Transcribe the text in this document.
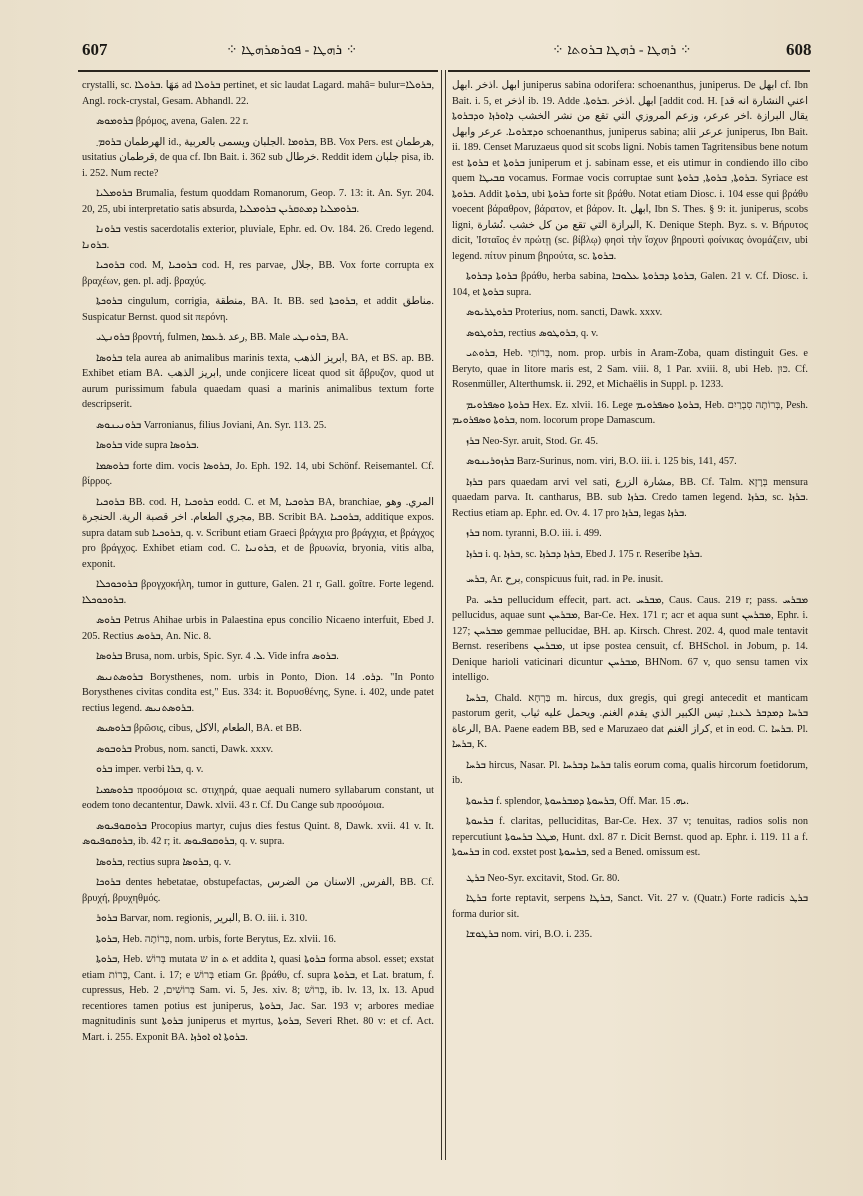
607	⁘ ܪܗܛܐ - ܦܘܪܣܪܗܛܐ ⁘	⁘ ܪܗܛܐ - ܪܗܛܐ ܒܪܘܬܐ ⁘	608

crystalli, sc. مَهَا .ܒܪܘܠܐ ad ܒܪܘܠܐ pertinet, et sic laudat Lagard. mahâ= bulur=ܒܪܘܠܐ, Angl. rock-crystal, Gesam. Abhandl. 22.

ܒܪܘܡܘܣ βρόμος, avena, Galen. 22 r.

الهرطمان ܒܪܘܡ܂ id., ܒܪܘܡܐ .الجلبان ويسمى بالعربية, BB. Vox Pers. est هرطمان, usitatius قرطمان, de qua cf. Ibn Bait. i. 362 sub خرطال. Reddit idem جلبان pisa, ib. i. 252. Num recte?

ܒܪܘܡܠܝܐ Brumalia, festum quoddam Romanorum, Geop. 7. 13: it. An. Syr. 204. 20, 25, ubi interpretatio satis absurda, ܒܪܘܡܠܝܐ ܕܡܬܩܪܝܢ ܒܪܘܡܠܝܐ.

ܒܪܘܢܐ vestis sacerdotalis exterior, pluviale, Ephr. ed. Ov. 184. 26. Credo legend. ܒܪܘܢܐ.

ܒܪܘܟܝܐ cod. M, ܒܪܘܟܝܐ cod. H, res parvae, جلال, BB. Vox forte corrupta ex βραχέων, gen. pl. adj. βραχύς.

ܒܪܘܟܬܐ cingulum, corrigia, منطقة, BA. It. BB. sed ܒܪܘܟܬܐ, et addit مناطق. Suspicatur Bernst. quod sit περόνη.

ܒܪܘܢܛܝ βροντή, fulmen, رعد .ܪܥܡܐ, BB. Male ܒܪܘܢܛܝ, BA.

ܒܪܘܣܐ tela aurea ab animalibus marinis texta, ابريز الذهب, BA, et BS. ap. BB. Exhibet etiam BA. ابريز الذهب, unde conjicere liceat quod sit ἄβρυζον, quod ut aurum purissimum fabula quaedam quasi a marinis animalibus textum forte descripserit.

ܒܪܘܢܝܢܘܣ Varronianus, filius Joviani, An. Syr. 113. 25.

ܒܪܘܣܐ vide supra ܒܪܘܣܐ.

ܒܪܘܣܡܐ forte dim. vocis ܒܪܘܣܐ, Jo. Eph. 192. 14, ubi Schönf. Reisemantel. Cf. βίρρος.

ܒܪܘܟܝܐ BB. cod. H, ܒܪܘܟܝܐ eodd. C. et M, ܒܪܘܟܝܐ BA, branchiae, المري. وهو مجري الطعام. اخر قصبة الرية. الحنجرة, BB. Scribit BA. ܒܪܘܟܝܐ, additique expos. supra datam sub ܒܪܘܟܝܐ, q. v. Scribunt etiam Graeci βράγχια pro βράγχια, et βράγχος pro βράγχος. Exhibet etiam cod. C. ܒܪܘܢܝܐ, et de βρυωνία, bryonia, vitis alba, exponit.

ܒܪܘܟܘܟܠܐ βρογχοκήλη, tumor in gutture, Galen. 21 r, Gall. goître. Forte legend. ܒܪܘܟܘܟܠܐ.

ܒܪܘܣ Petrus Ahihae urbis in Palaestina epus concilio Nicaeno interfuit, Ebed J. 205. Rectius ܒܪܘܣ, An. Nic. 8.

ܒܪܘܣܐ Brusa, nom. urbis, Spic. Syr. ܠ. 4. Vide infra ܒܪܘܣ.

ܒܪܘܣܬܢܝܣ Borysthenes, nom. urbis in Ponto, Dion. ܕܪܘ. 14. "In Ponto Borysthenes civitas condita est," Eus. 334: it. Βορυσθένης, Syne. i. 402, unde patet rectius legend. ܒܪܘܣܬܢܝܣ.

ܒܪܘܣܝܣ βρῶσις, cibus, الطعام ,الاكل, BA. et BB.

ܒܪܘܒܘܣ Probus, nom. sancti, Dawk. xxxv.

ܒܪܘ imper. verbi ܒܪܐ, q. v.

ܒܪܘܣܡܝܐ προσόμοια sc. στιχηρά, quae aequali numero syllabarum constant, ut eodem tono decantentur, Dawk. xlvii. 43 r. Cf. Du Cange sub προσόμοια.

ܒܪܘܩܘܦܝܘܣ Procopius martyr, cujus dies festus Quint. 8, Dawk. xvii. 41 v. It. ܒܪܘܩܘܦܝܘܣ, ib. 42 r; it. ܒܪܘܩܘܦܝܘܣ, q. v. supra.

ܒܪܘܣܐ, rectius supra ܒܪܘܣܐ, q. v.

ܒܪܘܟܐ dentes hebetatae, obstupefactas, الفرس, الاسنان من الضرس, BB. Cf. βρυχή, βρυχηθμός.

ܒܪܘܪ Barvar, nom. regionis, البرير, B. O. iii. i. 310.

ܒܪܘܬܐ, Heb. בְּרוֹתָה, nom. urbis, forte Berytus, Ez. xlvii. 16.

ܒܪܘܬܐ, Heb. בְּרוֹשׁ mutata ש in ܬ et addita ܐ, quasi ܒܪܘܬܐ forma absol. esset; exstat etiam בְּרוֹת, Cant. i. 17; e בְּרוֹשׁ etiam Gr. βράθυ, cf. supra ܒܪܘܬܐ, et Lat. bratum, f. cupressus, Heb. בְּרוֹשִׁים, 2 Sam. vi. 5, Jes. xiv. 8; בְּרוֹשׁ, ib. lv. 13, lx. 13. Apud recentiores tamen potius est juniperus, ܒܪܘܬܐ, Jac. Sar. 193 v; arbores mediae magnitudinis sunt ܒܪܘܬܐ juniperus et myrtus, ܒܪܘܬܐ, Severi Rhet. 80 v: et cf. Act. Mart. i. 255. Exponit BA. ܒܪܘܬܐ ܐܘ ܐܘܪܙܐ.

ابهل .اذخر .ابهل juniperus sabina odorifera: schoenanthus, juniperus. De ابهل cf. Ibn Bait. i. 5, et اذخر ib. 19. Adde .ابهل .اذخر .ܒܪܘܬܐ [addit cod. H. [اعني النشارة انه قد يقال البرازة .اخر عرعر، وزعم المروزي التي تقع من نشر الخشب ܕܐܘܪܙܐ ܘܕܒܪܘܬܐ ܘܕܫܪܘܝܐ. عرعر وابهل schoenanthus, juniperus sabina; alii عرعر juniperus, Ibn Bait. ii. 189. Censet Maruzaeus quod sit scobs ligni. Nobis tamen Tagritensibus bene notum est ܒܪܘܬܐ et ܒܪܘܬܐ juniperum et j. sabinam esse, et eis utimur in condiendo illo cibo quem ܩܒܝܛܐ vocamus. Formae vocis corruptae sunt ܒܪܘܬܐ, ܒܪܘܬܐ, ܒܪܘܬܐ. Syriace est ܒܪܘܬܐ. Addit ܒܪܘܬܐ, ubi ܒܪܘܬܐ forte sit βράθυ. Notat etiam Diosc. i. 104 esse qui βράθυ voecent βάραθρον, βάρατον, et βάρον. It. ابهل, Ibn S. Thes. § 9: it. juniperus, scobs ligni, البرازة التي تقع من كل خشب .نُشارة, K. Denique Steph. Byz. s. v. Βήρυτος dicit, 'Ισταῖος ἐν πρώτῃ (sc. βίβλῳ) φησὶ τὴν ἴσχυν βηρουτὶ φοίνικας ὀνομάζειν, ubi legend. πίτυν pinum βηρούτα, sc. ܒܪܘܬܐ.

ܒܪܘܬܐ ܕܒܪܘܬܐ βράθυ, herba sabina, ܒܪܘܬܐ ܕܒܪܘܬܐ ܥܠܘܒܐ, Galen. 21 v. Cf. Diosc. i. 104, et ܒܪܘܬܐ supra.

ܒܪܘܛܪܝܘܣ Proterius, nom. sancti, Dawk. xxxv.

ܒܪܘܛܘܣ, rectius ܒܪܘܛܘܣ, q. v.

ܒܪܘܬܝ, Heb. בְּרוֹתַי, nom. prop. urbis in Aram-Zoba, quam distinguit Ges. e Beryto, quae in litore maris est, 2 Sam. viii. 8, 1 Par. xviii. 8, ubi Heb. כּוּן. Cf. Rosenmüller, Alterthumsk. ii. 292, et Michaëlis in Suppl. p. 1233.

ܒܪܘܬܐ ܘܣܦܪܘܝܡ Hex. Ez. xlvii. 16. Lege ܒܪܘܬܐ ܘܣܦܪܘܝܡ, Heb. בְּרוֹתָה סִבְרַיִם, Pesh. ܒܪܘܬܐ ܘܣܦܪܘܝܡ, nom. locorum prope Damascum.

ܒܪܙ Neo-Syr. aruit, Stod. Gr. 45.

ܒܪܙܘܪܝܢܘܣ Barz-Surinus, nom. viri, B.O. iii. i. 125 bis, 141, 457.

ܒܪܙܐ pars quaedam arvi vel sati, مشارة الزرع, BB. Cf. Talm. בְּרָזָא mensura quaedam parva. It. cantharus, BB. sub ܒܪܙܐ. Credo tamen legend. ܒܪܙܐ, sc. ܒܪܙܐ. Rectius etiam ap. Ephr. ed. Ov. 4. 17 pro ܒܪܙܐ, legas ܒܪܙܐ.

ܒܪܙ nom. tyranni, B.O. iii. i. 499.

ܒܪܙܐ i. q. ܒܪܙܐ, sc. ܒܪܙܐ ܕܒܪܙܐ, Ebed J. 175 r. Reseribe ܒܪܙܐ.

ܒܪܚ, Ar. برح, conspicuus fuit, rad. in Pe. inusit.

Pa. ܒܪܚ pellucidum effecit, part. act. ܡܒܪܚ, Caus. Caus. 219 r; pass. ܡܒܪܚ pellucidus, aquae sunt ܡܒܪܚܢ, Bar-Ce. Hex. 171 r; acr et aqua sunt ܡܒܪܚܢ, Ephr. i. 127; ܡܒܪܚܢ gemmae pellucidae, BH. ap. Kirsch. Chrest. 202. 4, quod male tentavit Bernst. reseribens ܡܒܪܚܢ, ut ipse postea censuit, cf. BHSchol. in Jobum, p. 14. Denique harioli vaticinari dicuntur ܡܒܪܚܢ, BHNom. 67 v, quo sensu tamen vix intelligo.

ܒܪܚܐ, Chald. בַּרְחָא m. hircus, dux gregis, qui gregi antecedit et manticam pastorum gerit, ܒܪܚܐ ܕܡܕܒܪ ܠܥܢܐ, تيس الكبير الذي يقدم الغنم. ويحمل عليه ثياب الرعاة, BA. Paene eadem BB, sed e Maruzaeo dat كراز الغنم, et in eod. C. ܒܪܚܐ. Pl. ܒܪܚܐ, K.

ܒܪܚܐ hircus, Nasar. Pl. ܒܪܚܐ ܕܒܪܚܐ talis eorum coma, qualis hircorum foetidorum, ib.

ܒܪܚܘܬܐ f. splendor, ܒܪܚܘܬܐ ܕܡܒܪܚܘܬܐ, Off. Mar. ܝܗ. 15.

ܒܪܚܘܬܐ f. claritas, pelluciditas, Bar-Ce. Hex. 37 v; tenuitas, radios solis non repercutiunt ܡܛܠ ܒܪܚܘܬܐ, Hunt. dxl. 87 r. Dicit Bernst. quod ap. Ephr. i. 119. 11 a f. ܒܪܚܘܬܐ in cod. exstet post ܒܪܚܘܬܐ, sed a Bened. omissum est.

ܒܪܛ Neo-Syr. excitavit, Stod. Gr. 80.

ܒܪܛܐ forte reptavit, serpens ܒܪܛܐ, Sanct. Vit. 27 v. (Quatr.) Forte radicis ܒܪܛ forma durior sit.

ܒܪܛܘܫܐ nom. viri, B.O. i. 235.
